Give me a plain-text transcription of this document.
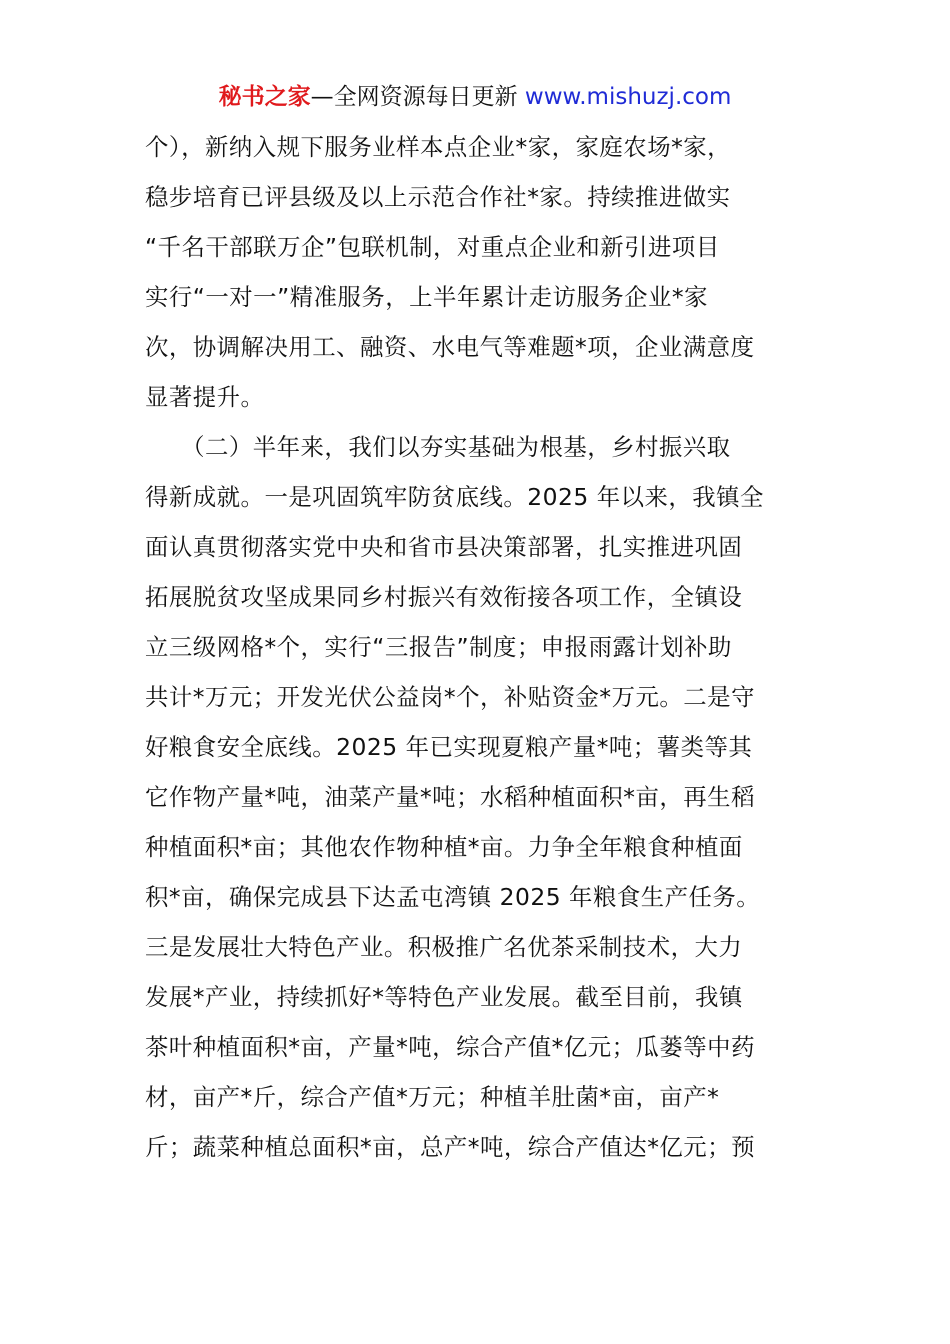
秘书之家—全网资源每日更新 www.mishuzj.com
个），新纳入规下服务业样本点企业*家，家庭农场*家，
稳步培育已评县级及以上示范合作社*家。持续推进做实
“千名干部联万企”包联机制，对重点企业和新引进项目
实行“一对一”精准服务，上半年累计走访服务企业*家
次，协调解决用工、融资、水电气等难题*项，企业满意度
显著提升。
　　（二）半年来，我们以夯实基础为根基，乡村振兴取
得新成就。一是巩固筑牢防贫底线。2025 年以来，我镇全
面认真贯彻落实党中央和省市县决策部署，扎实推进巩固
拓展脱贫攻坚成果同乡村振兴有效衔接各项工作，全镇设
立三级网格*个，实行“三报告”制度；申报雨露计划补助
共计*万元；开发光伏公益岗*个，补贴资金*万元。二是守
好粮食安全底线。2025 年已实现夏粮产量*吨；薯类等其
它作物产量*吨，油菜产量*吨；水稻种植面积*亩，再生稻
种植面积*亩；其他农作物种植*亩。力争全年粮食种植面
积*亩，确保完成县下达孟屯湾镇 2025 年粮食生产任务。
三是发展壮大特色产业。积极推广名优茶采制技术，大力
发展*产业，持续抓好*等特色产业发展。截至目前，我镇
茶叶种植面积*亩，产量*吨，综合产值*亿元；瓜蒌等中药
材，亩产*斤，综合产值*万元；种植羊肚菌*亩，亩产*
斤；蔬菜种植总面积*亩，总产*吨，综合产值达*亿元；预
